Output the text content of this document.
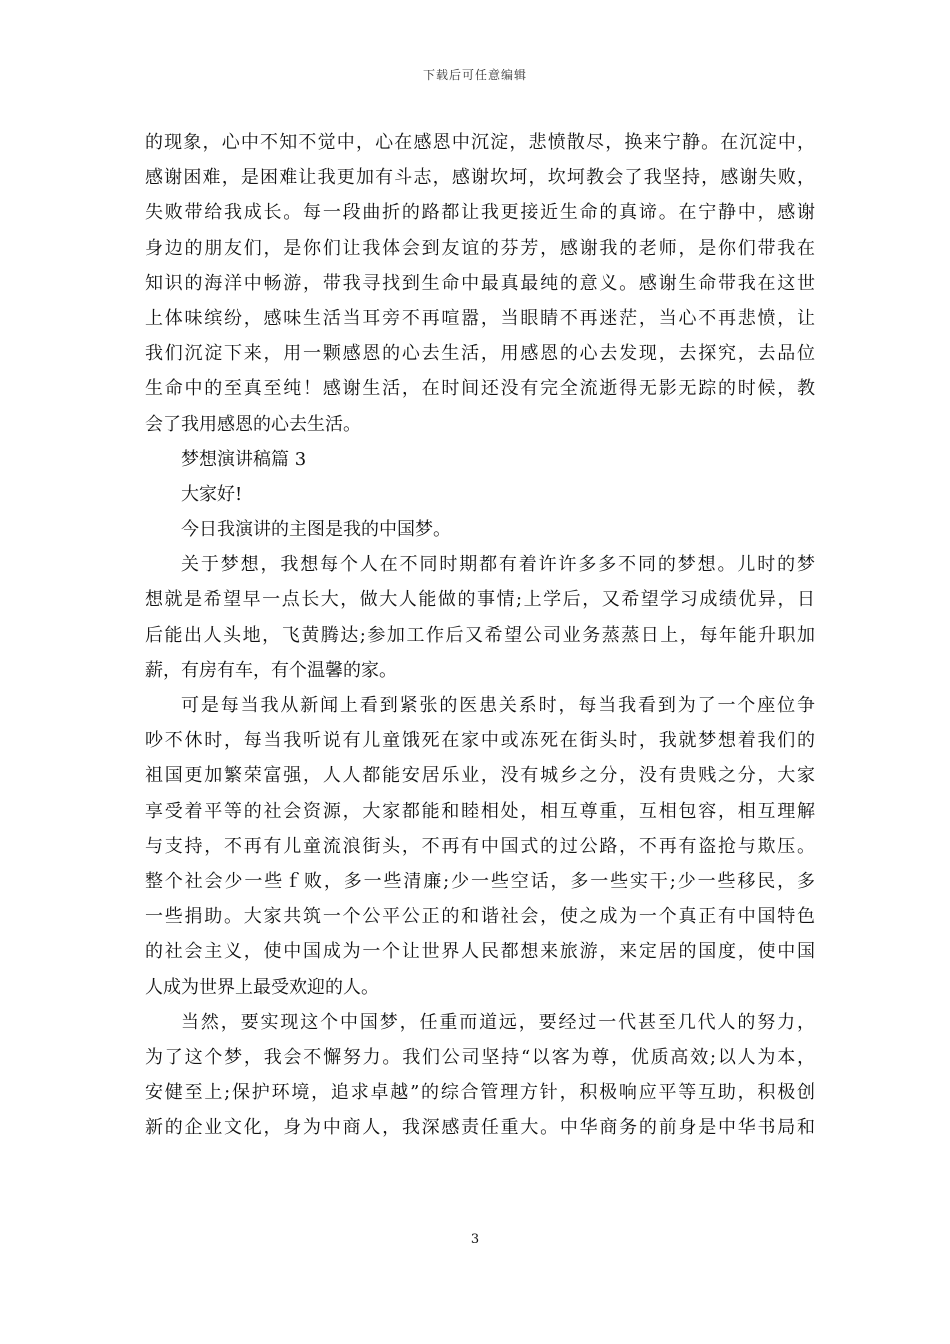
下载后可任意编辑
的现象，心中不知不觉中，心在感恩中沉淀，悲愤散尽，换来宁静。在沉淀中，
感谢困难，是困难让我更加有斗志，感谢坎坷，坎坷教会了我坚持，感谢失败，
失败带给我成长。每一段曲折的路都让我更接近生命的真谛。在宁静中，感谢
身边的朋友们，是你们让我体会到友谊的芬芳，感谢我的老师，是你们带我在
知识的海洋中畅游，带我寻找到生命中最真最纯的意义。感谢生命带我在这世
上体味缤纷，感味生活当耳旁不再喧嚣，当眼睛不再迷茫，当心不再悲愤，让
我们沉淀下来，用一颗感恩的心去生活，用感恩的心去发现，去探究，去品位
生命中的至真至纯！感谢生活，在时间还没有完全流逝得无影无踪的时候，教
会了我用感恩的心去生活。
梦想演讲稿篇 3
大家好!
今日我演讲的主图是我的中国梦。
关于梦想，我想每个人在不同时期都有着许许多多不同的梦想。儿时的梦
想就是希望早一点长大，做大人能做的事情;上学后，又希望学习成绩优异，日
后能出人头地，飞黄腾达;参加工作后又希望公司业务蒸蒸日上，每年能升职加
薪，有房有车，有个温馨的家。
可是每当我从新闻上看到紧张的医患关系时，每当我看到为了一个座位争
吵不休时，每当我听说有儿童饿死在家中或冻死在街头时，我就梦想着我们的
祖国更加繁荣富强，人人都能安居乐业，没有城乡之分，没有贵贱之分，大家
享受着平等的社会资源，大家都能和睦相处，相互尊重，互相包容，相互理解
与支持，不再有儿童流浪街头，不再有中国式的过公路，不再有盗抢与欺压。
整个社会少一些ｆ败，多一些清廉;少一些空话，多一些实干;少一些移民，多
一些捐助。大家共筑一个公平公正的和谐社会，使之成为一个真正有中国特色
的社会主义，使中国成为一个让世界人民都想来旅游，来定居的国度，使中国
人成为世界上最受欢迎的人。
当然，要实现这个中国梦，任重而道远，要经过一代甚至几代人的努力，
为了这个梦，我会不懈努力。我们公司坚持“以客为尊，优质高效;以人为本，
安健至上;保护环境，追求卓越”的综合管理方针，积极响应平等互助，积极创
新的企业文化，身为中商人，我深感责任重大。中华商务的前身是中华书局和
3
